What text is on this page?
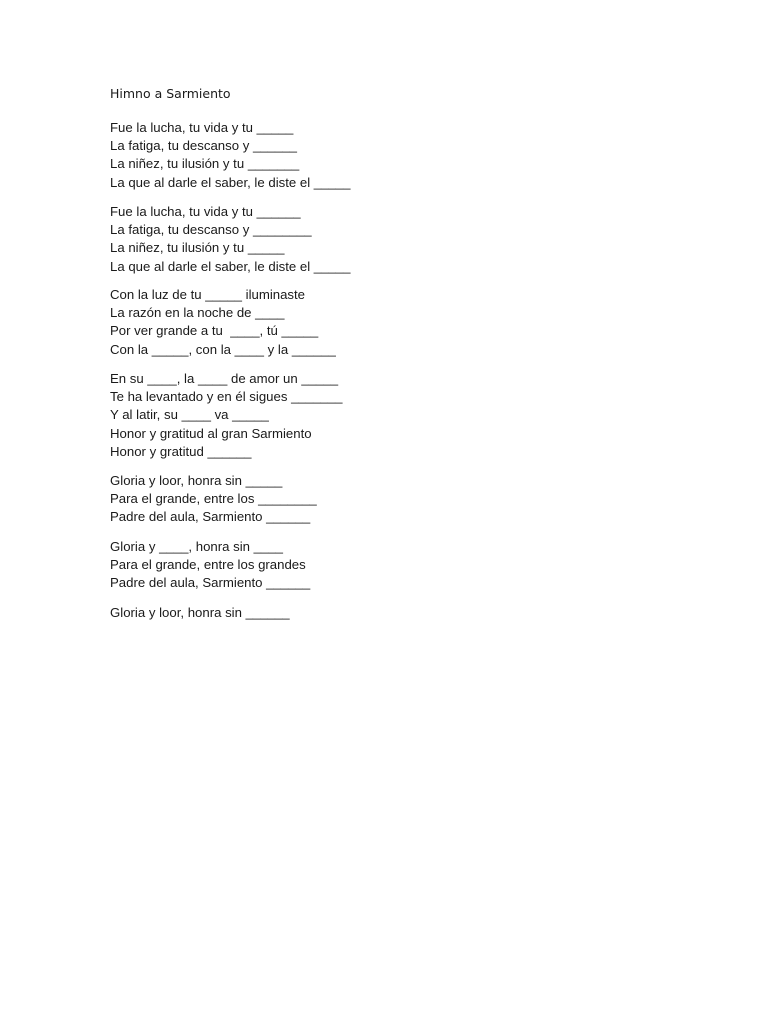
Himno a Sarmiento
Fue la lucha, tu vida y tu _____
La fatiga, tu descanso y ______
La niñez, tu ilusión y tu _______
La que al darle el saber, le diste el _____
Fue la lucha, tu vida y tu ______
La fatiga, tu descanso y ________
La niñez, tu ilusión y tu _____
La que al darle el saber, le diste el _____
Con la luz de tu _____ iluminaste
La razón en la noche de ____
Por ver grande a tu  ____, tú _____
Con la _____, con la ____ y la ______
En su ____, la ____ de amor un _____
Te ha levantado y en él sigues _______
Y al latir, su ____ va _____
Honor y gratitud al gran Sarmiento
Honor y gratitud ______
Gloria y loor, honra sin _____
Para el grande, entre los ________
Padre del aula, Sarmiento ______
Gloria y ____, honra sin ____
Para el grande, entre los grandes
Padre del aula, Sarmiento ______
Gloria y loor, honra sin ______
